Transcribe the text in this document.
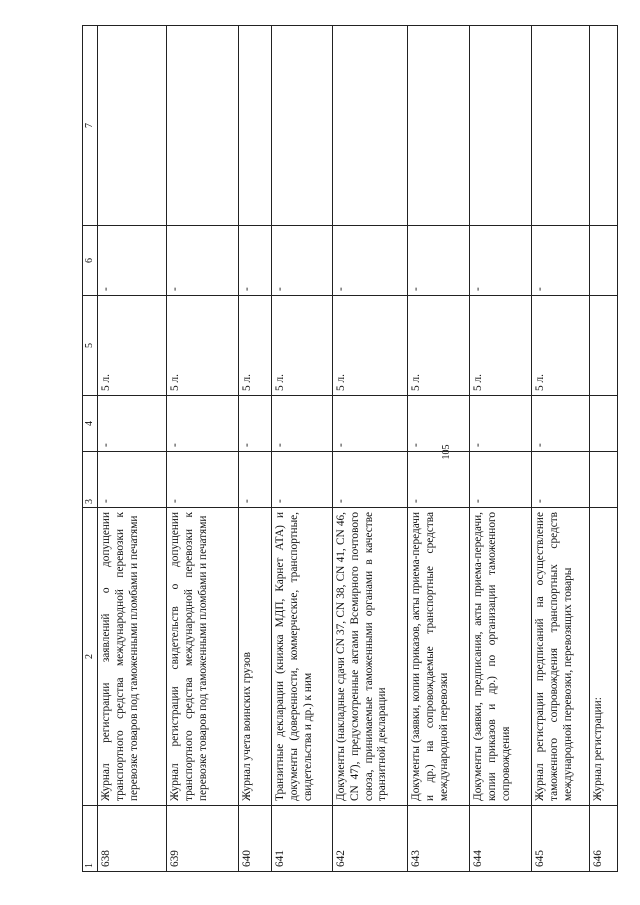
105
1	2	3	4	5	6	7
638	Журнал регистрации заявлений о допущении транспортного средства международной перевозки к перевозке товаров под таможенными пломбами и печатями	-	-	5 л.	-	
639	Журнал регистрации свидетельств о допущении транспортного средства международной перевозки к перевозке товаров под таможенными пломбами и печатями	-	-	5 л.	-	
640	Журнал учета воинских грузов	-	-	5 л.	-	
641	Транзитные декларации (книжка МДП, Карнет АТА) и документы (доверенности, коммерческие, транспортные, свидетельства и др.) к ним	-	-	5 л.	-	
642	Документы (накладные сдачи CN 37, CN 38, CN 41, CN 46, CN 47), предусмотренные актами Всемирного почтового союза, принимаемые таможенными органами в качестве транзитной декларации	-	-	5 л.	-	
643	Документы (заявки, копии приказов, акты приема-передачи и др.) на сопровождаемые транспортные средства международной перевозки	-	-	5 л.	-	
644	Документы (заявки, предписания, акты приема-передачи, копии приказов и др.) по организации таможенного сопровождения	-	-	5 л.	-	
645	Журнал регистрации предписаний на осуществление таможенного сопровождения транспортных средств международной перевозки, перевозящих товары	-	-	5 л.	-	
646	Журнал регистрации:					
